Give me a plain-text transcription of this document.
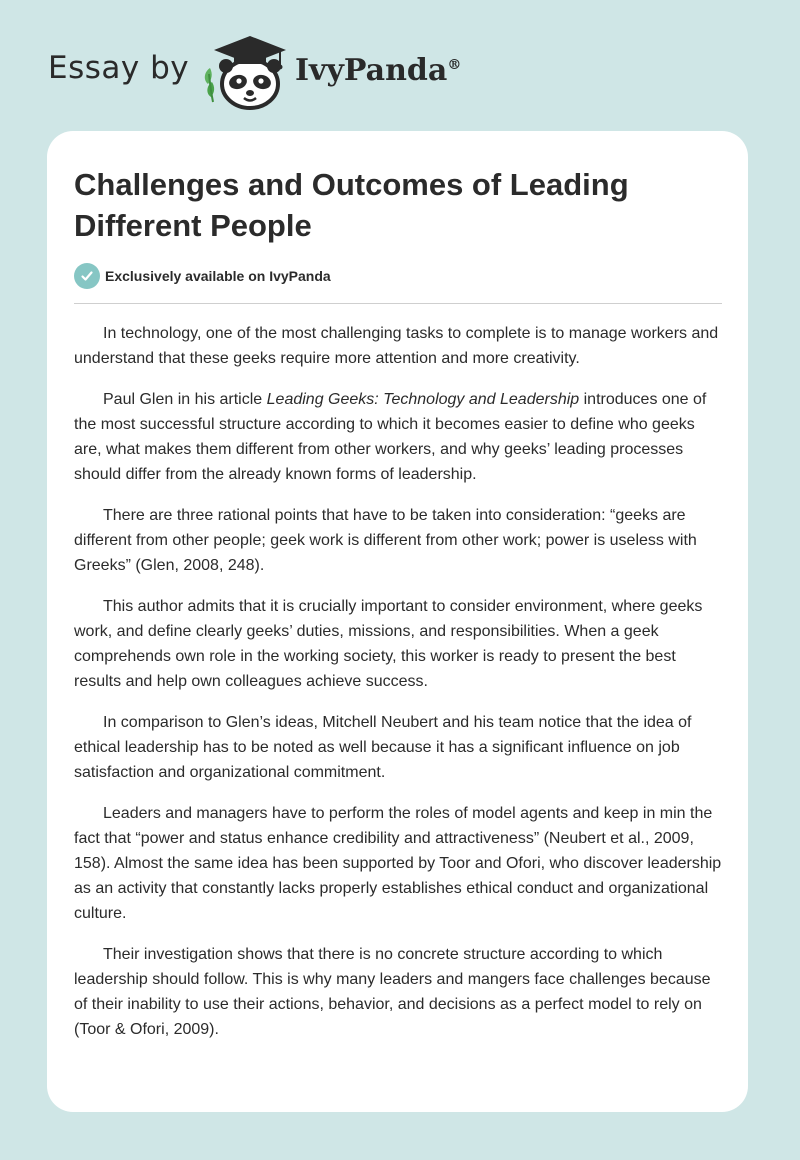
Essay by	IvyPanda®
Challenges and Outcomes of Leading Different People
Exclusively available on IvyPanda

In technology, one of the most challenging tasks to complete is to manage workers and understand that these geeks require more attention and more creativity.

Paul Glen in his article Leading Geeks: Technology and Leadership introduces one of the most successful structure according to which it becomes easier to define who geeks are, what makes them different from other workers, and why geeks’ leading processes should differ from the already known forms of leadership.

There are three rational points that have to be taken into consideration: “geeks are different from other people; geek work is different from other work; power is useless with Greeks” (Glen, 2008, 248).

This author admits that it is crucially important to consider environment, where geeks work, and define clearly geeks’ duties, missions, and responsibilities. When a geek comprehends own role in the working society, this worker is ready to present the best results and help own colleagues achieve success.

In comparison to Glen’s ideas, Mitchell Neubert and his team notice that the idea of ethical leadership has to be noted as well because it has a significant influence on job satisfaction and organizational commitment.

Leaders and managers have to perform the roles of model agents and keep in min the fact that “power and status enhance credibility and attractiveness” (Neubert et al., 2009, 158). Almost the same idea has been supported by Toor and Ofori, who discover leadership as an activity that constantly lacks properly establishes ethical conduct and organizational culture.

Their investigation shows that there is no concrete structure according to which leadership should follow. This is why many leaders and mangers face challenges because of their inability to use their actions, behavior, and decisions as a perfect model to rely on (Toor & Ofori, 2009).
